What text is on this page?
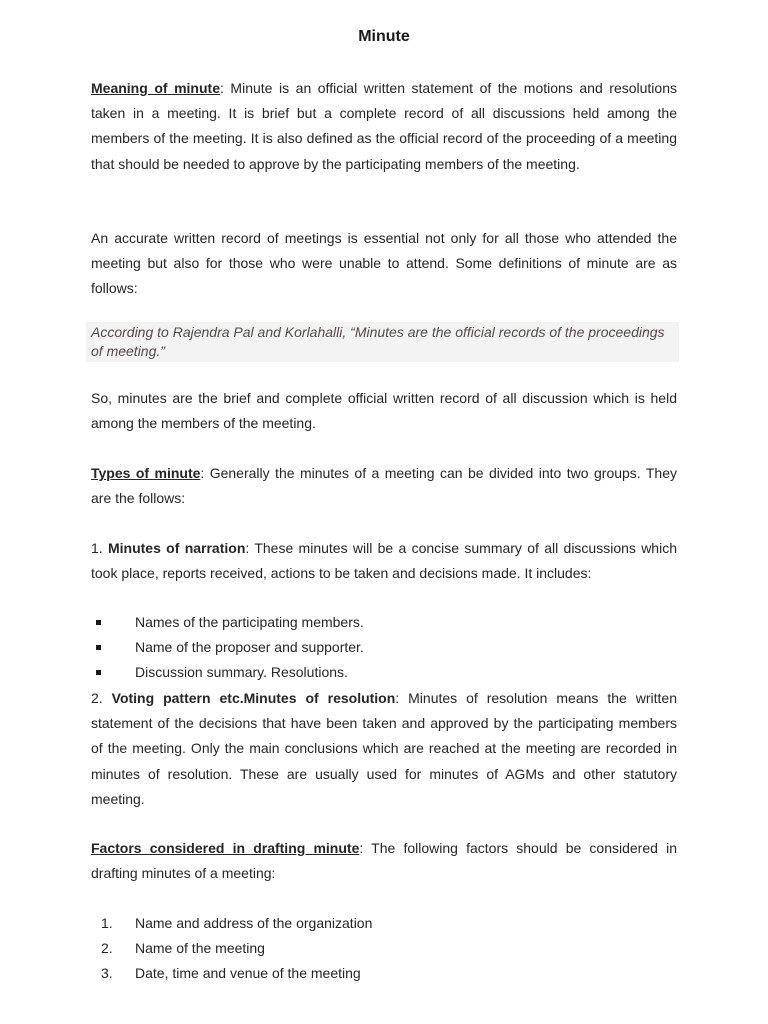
Minute

Meaning of minute: Minute is an official written statement of the motions and resolutions taken in a meeting. It is brief but a complete record of all discussions held among the members of the meeting. It is also defined as the official record of the proceeding of a meeting that should be needed to approve by the participating members of the meeting.

An accurate written record of meetings is essential not only for all those who attended the meeting but also for those who were unable to attend. Some definitions of minute are as follows:

According to Rajendra Pal and Korlahalli, “Minutes are the official records of the proceedings of meeting.”

So, minutes are the brief and complete official written record of all discussion which is held among the members of the meeting.

Types of minute: Generally the minutes of a meeting can be divided into two groups. They are the follows:

1. Minutes of narration: These minutes will be a concise summary of all discussions which took place, reports received, actions to be taken and decisions made. It includes:

Names of the participating members.
Name of the proposer and supporter.
Discussion summary. Resolutions.

2. Voting pattern etc.Minutes of resolution: Minutes of resolution means the written statement of the decisions that have been taken and approved by the participating members of the meeting. Only the main conclusions which are reached at the meeting are recorded in minutes of resolution. These are usually used for minutes of AGMs and other statutory meeting.

Factors considered in drafting minute: The following factors should be considered in drafting minutes of a meeting:

1. Name and address of the organization
2. Name of the meeting
3. Date, time and venue of the meeting
